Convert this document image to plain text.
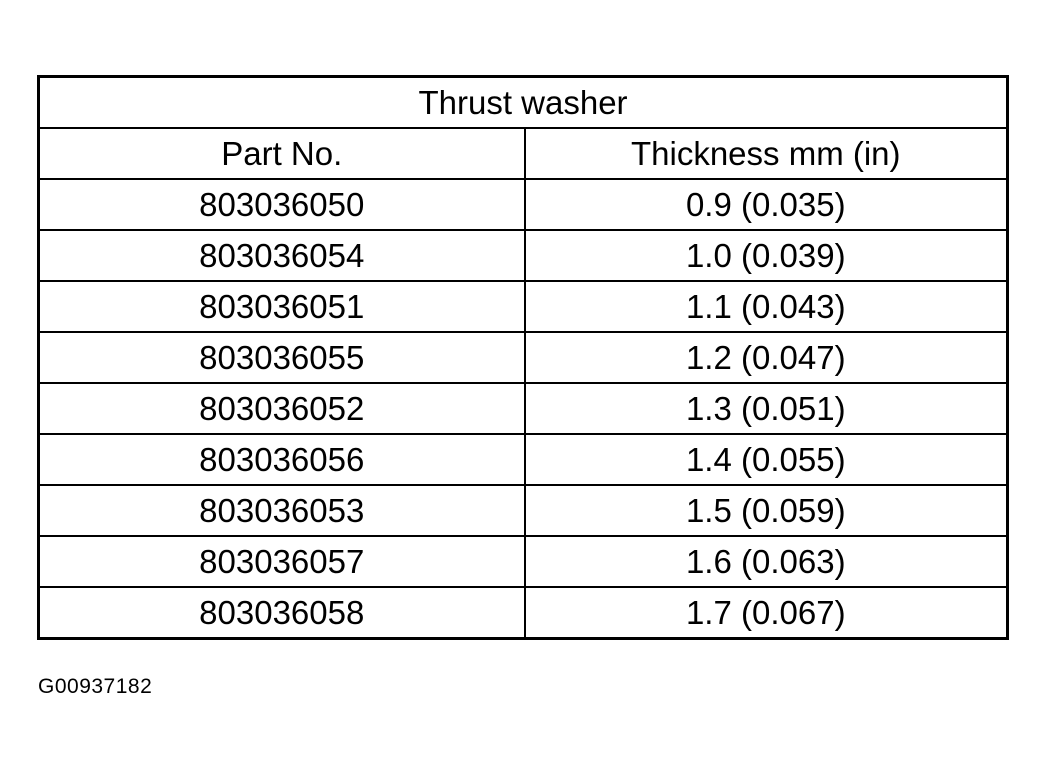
Thrust washer	
Part No.	Thickness mm (in)
803036050	0.9 (0.035)
803036054	1.0 (0.039)
803036051	1.1 (0.043)
803036055	1.2 (0.047)
803036052	1.3 (0.051)
803036056	1.4 (0.055)
803036053	1.5 (0.059)
803036057	1.6 (0.063)
803036058	1.7 (0.067)
G00937182
